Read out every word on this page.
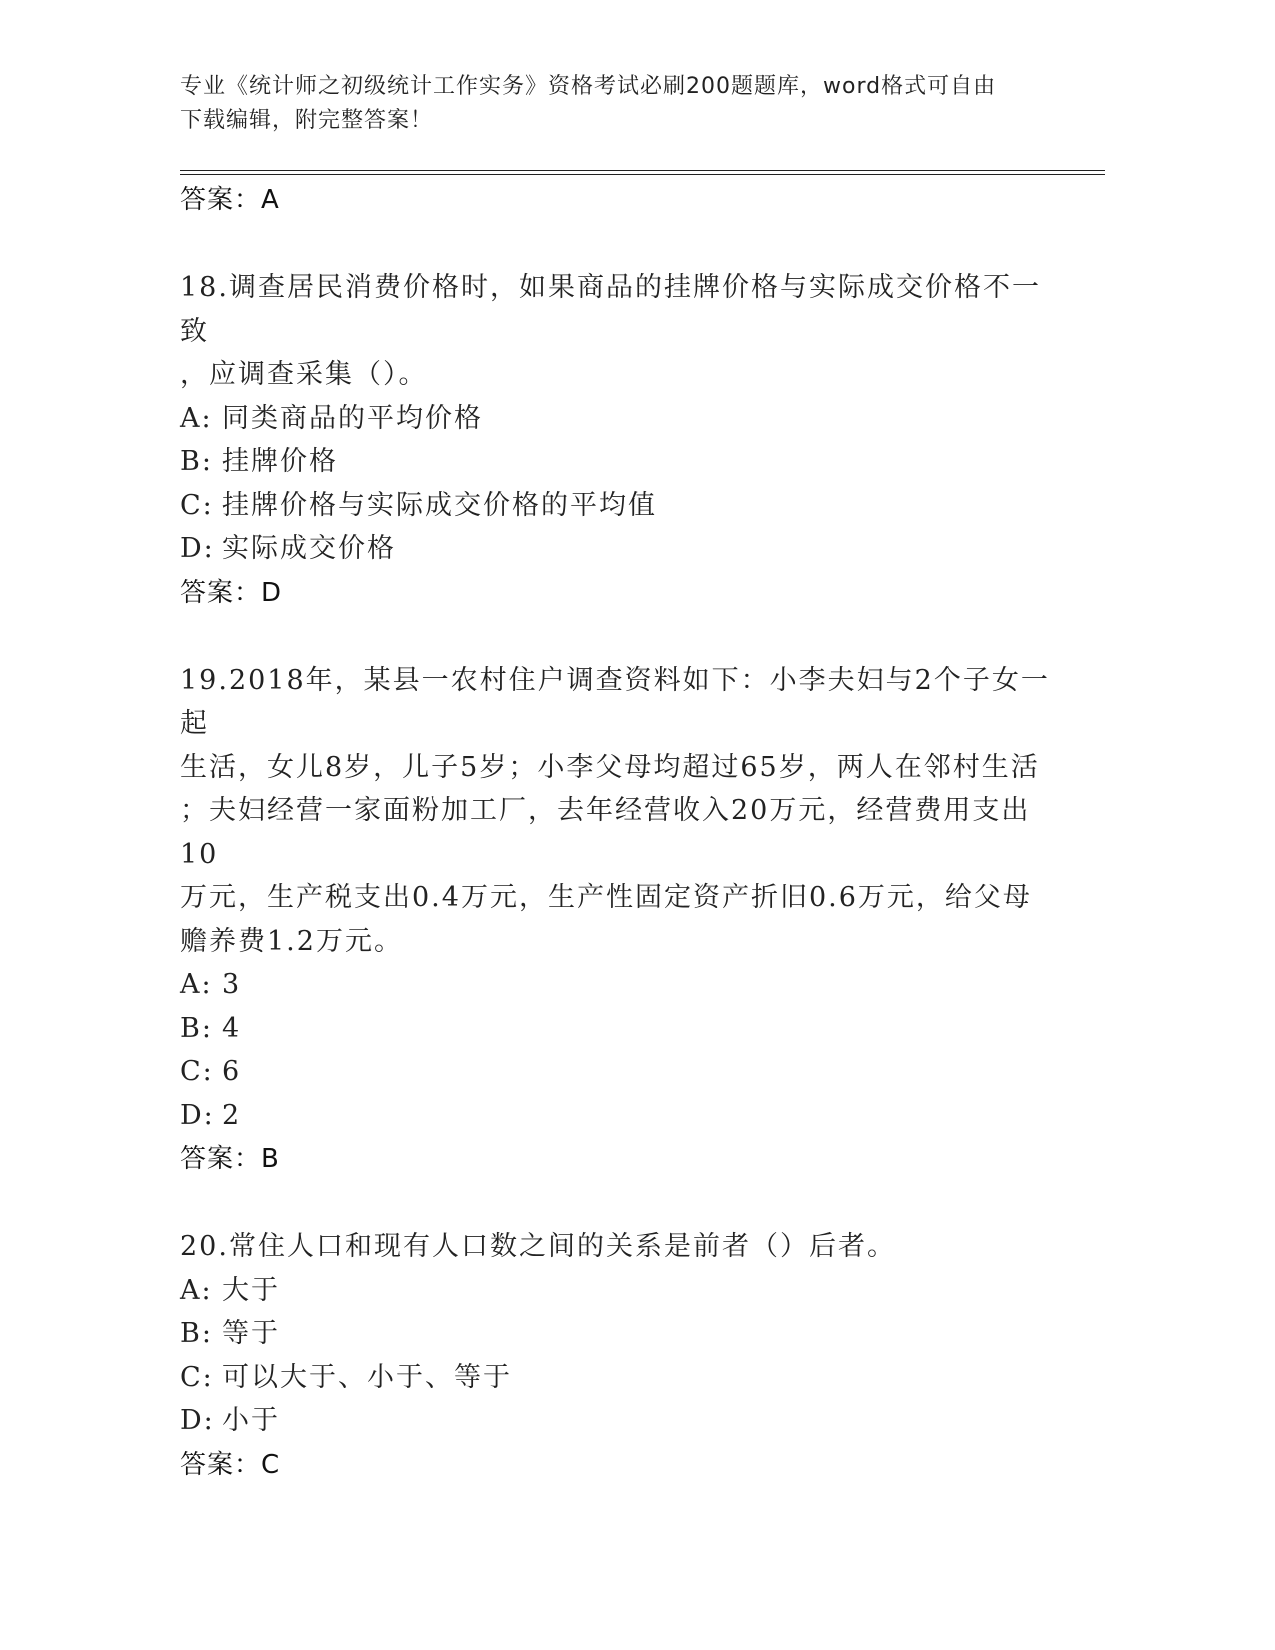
专业《统计师之初级统计工作实务》资格考试必刷200题题库，word格式可自由
下载编辑，附完整答案！
答案：A
18.调查居民消费价格时，如果商品的挂牌价格与实际成交价格不一致
，应调查采集（）。
A: 同类商品的平均价格
B: 挂牌价格
C: 挂牌价格与实际成交价格的平均值
D: 实际成交价格
答案：D
19.2018年，某县一农村住户调查资料如下：小李夫妇与2个子女一起
生活，女儿8岁，儿子5岁；小李父母均超过65岁，两人在邻村生活
；夫妇经营一家面粉加工厂，去年经营收入20万元，经营费用支出10
万元，生产税支出0.4万元，生产性固定资产折旧0.6万元，给父母
赡养费1.2万元。
A: 3
B: 4
C: 6
D: 2
答案：B
20.常住人口和现有人口数之间的关系是前者（）后者。
A: 大于
B: 等于
C: 可以大于、小于、等于
D: 小于
答案：C
